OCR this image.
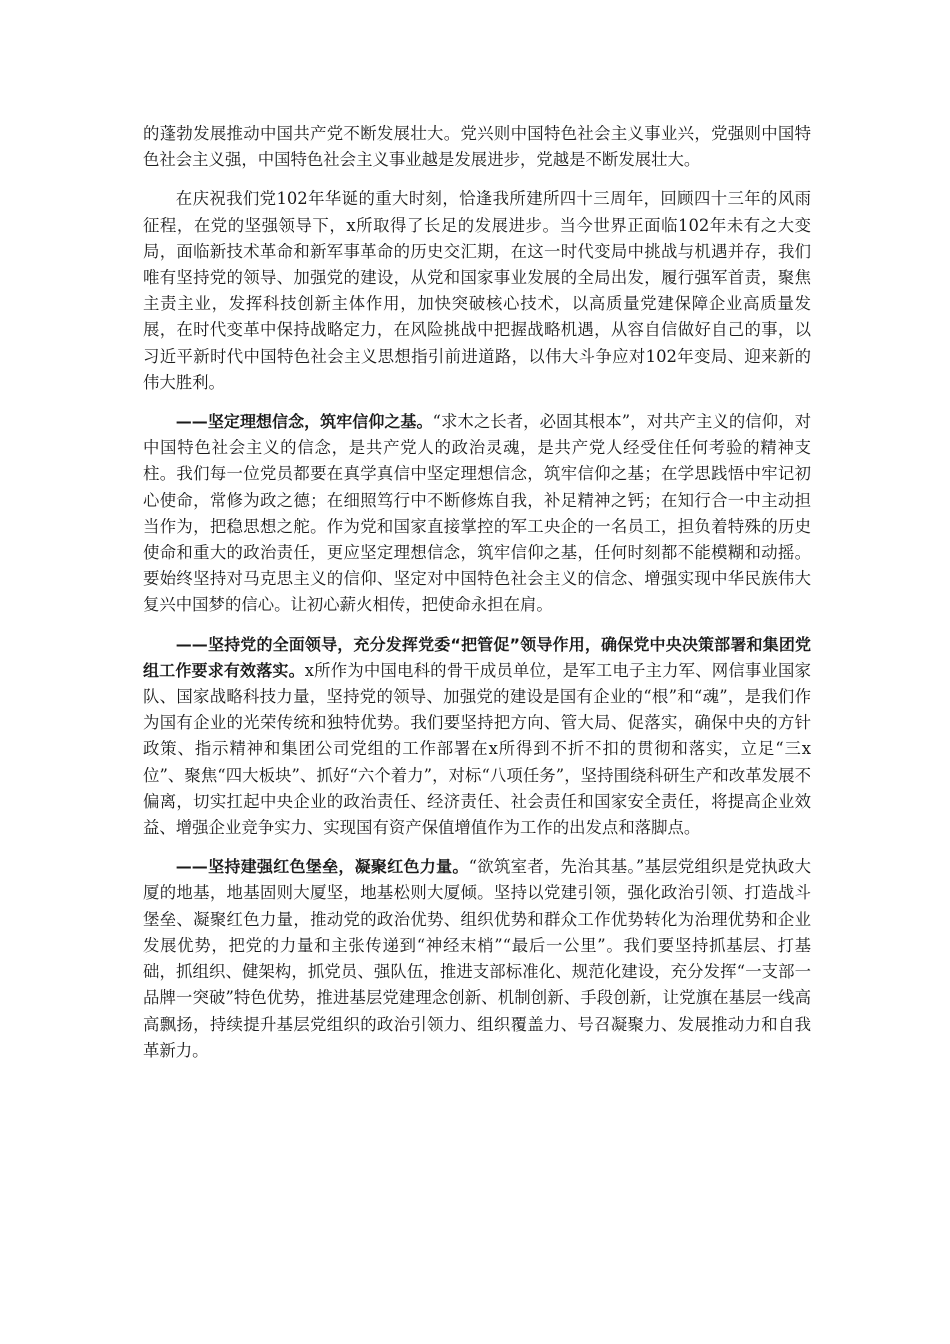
的蓬勃发展推动中国共产党不断发展壮大。党兴则中国特色社会主义事业兴，党强则中国特色社会主义强，中国特色社会主义事业越是发展进步，党越是不断发展壮大。

在庆祝我们党102年华诞的重大时刻，恰逢我所建所四十三周年，回顾四十三年的风雨征程，在党的坚强领导下，x所取得了长足的发展进步。当今世界正面临102年未有之大变局，面临新技术革命和新军事革命的历史交汇期，在这一时代变局中挑战与机遇并存，我们唯有坚持党的领导、加强党的建设，从党和国家事业发展的全局出发，履行强军首责，聚焦主责主业，发挥科技创新主体作用，加快突破核心技术，以高质量党建保障企业高质量发展，在时代变革中保持战略定力，在风险挑战中把握战略机遇，从容自信做好自己的事，以习近平新时代中国特色社会主义思想指引前进道路，以伟大斗争应对102年变局、迎来新的伟大胜利。

——坚定理想信念，筑牢信仰之基。“求木之长者，必固其根本”，对共产主义的信仰，对中国特色社会主义的信念，是共产党人的政治灵魂，是共产党人经受住任何考验的精神支柱。我们每一位党员都要在真学真信中坚定理想信念，筑牢信仰之基；在学思践悟中牢记初心使命，常修为政之德；在细照笃行中不断修炼自我，补足精神之钙；在知行合一中主动担当作为，把稳思想之舵。作为党和国家直接掌控的军工央企的一名员工，担负着特殊的历史使命和重大的政治责任，更应坚定理想信念，筑牢信仰之基，任何时刻都不能模糊和动摇。要始终坚持对马克思主义的信仰、坚定对中国特色社会主义的信念、增强实现中华民族伟大复兴中国梦的信心。让初心薪火相传，把使命永担在肩。

——坚持党的全面领导，充分发挥党委“把管促”领导作用，确保党中央决策部署和集团党组工作要求有效落实。x所作为中国电科的骨干成员单位，是军工电子主力军、网信事业国家队、国家战略科技力量，坚持党的领导、加强党的建设是国有企业的“根”和“魂”，是我们作为国有企业的光荣传统和独特优势。我们要坚持把方向、管大局、促落实，确保中央的方针政策、指示精神和集团公司党组的工作部署在x所得到不折不扣的贯彻和落实，立足“三x位”、聚焦“四大板块”、抓好“六个着力”，对标“八项任务”，坚持围绕科研生产和改革发展不偏离，切实扛起中央企业的政治责任、经济责任、社会责任和国家安全责任，将提高企业效益、增强企业竞争实力、实现国有资产保值增值作为工作的出发点和落脚点。

——坚持建强红色堡垒，凝聚红色力量。“欲筑室者，先治其基。”基层党组织是党执政大厦的地基，地基固则大厦坚，地基松则大厦倾。坚持以党建引领，强化政治引领、打造战斗堡垒、凝聚红色力量，推动党的政治优势、组织优势和群众工作优势转化为治理优势和企业发展优势，把党的力量和主张传递到“神经末梢”“最后一公里”。我们要坚持抓基层、打基础，抓组织、健架构，抓党员、强队伍，推进支部标准化、规范化建设，充分发挥“一支部一品牌一突破”特色优势，推进基层党建理念创新、机制创新、手段创新，让党旗在基层一线高高飘扬，持续提升基层党组织的政治引领力、组织覆盖力、号召凝聚力、发展推动力和自我革新力。
